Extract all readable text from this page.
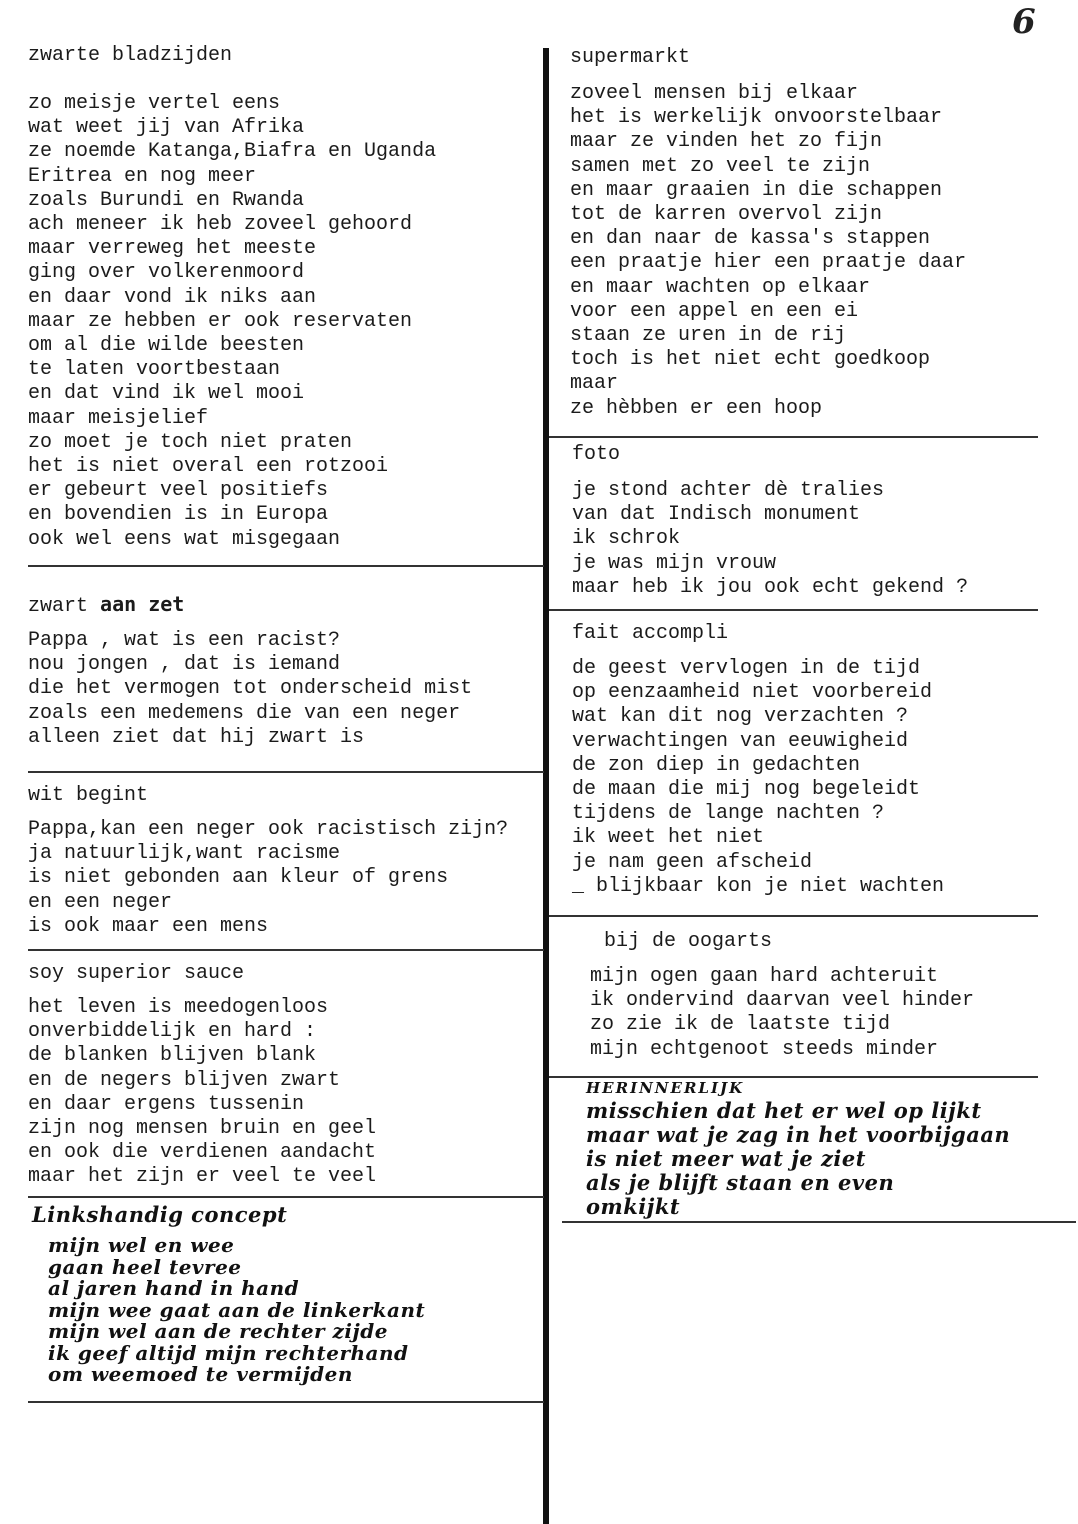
6
zwarte bladzijden
zo meisje vertel eens
wat weet jij van Afrika
ze noemde Katanga,Biafra en Uganda
Eritrea en nog meer
zoals Burundi en Rwanda
ach meneer ik heb zoveel gehoord
maar verreweg het meeste
ging over volkerenmoord
en daar vond ik niks aan
maar ze hebben er ook reservaten
om al die wilde beesten
te laten voortbestaan
en dat vind ik wel mooi
maar meisjelief
zo moet je toch niet praten
het is niet overal een rotzooi
er gebeurt veel positiefs
en bovendien is in Europa
ook wel eens wat misgegaan
zwart aan zet
Pappa , wat is een racist?
nou jongen , dat is iemand
die het vermogen tot onderscheid mist
zoals een medemens die van een neger
alleen ziet dat hij zwart is
wit begint
Pappa,kan een neger ook racistisch zijn?
ja natuurlijk,want racisme
is niet gebonden aan kleur of grens
en een neger
is ook maar een mens
soy superior sauce
het leven is meedogenloos
onverbiddelijk en hard :
de blanken blijven blank
en de negers blijven zwart
en daar ergens tussenin
zijn nog mensen bruin en geel
en ook die verdienen aandacht
maar het zijn er veel te veel
Linkshandig concept
mijn wel en wee
gaan heel tevree
al jaren hand in hand
mijn wee gaat aan de linkerkant
mijn wel aan de rechter zijde
ik geef altijd mijn rechterhand
om weemoed te vermijden
supermarkt
zoveel mensen bij elkaar
het is werkelijk onvoorstelbaar
maar ze vinden het zo fijn
samen met zo veel te zijn
en maar graaien in die schappen
tot de karren overvol zijn
en dan naar de kassa's stappen
een praatje hier een praatje daar
en maar wachten op elkaar
voor een appel en een ei
staan ze uren in de rij
toch is het niet echt goedkoop
maar
ze hèbben er een hoop
foto
je stond achter dè tralies
van dat Indisch monument
ik schrok
je was mijn vrouw
maar heb ik jou ook echt gekend ?
fait accompli
de geest vervlogen in de tijd
op eenzaamheid niet voorbereid
wat kan dit nog verzachten ?
verwachtingen van eeuwigheid
de zon diep in gedachten
de maan die mij nog begeleidt
tijdens de lange nachten ?
ik weet het niet
je nam geen afscheid
_ blijkbaar kon je niet wachten
bij de oogarts
mijn ogen gaan hard achteruit
ik ondervind daarvan veel hinder
zo zie ik de laatste tijd
mijn echtgenoot steeds minder
HERINNERLIJK
misschien dat het er wel op lijkt
maar wat je zag in het voorbijgaan
is niet meer wat je ziet
als je blijft staan en even
omkijkt
